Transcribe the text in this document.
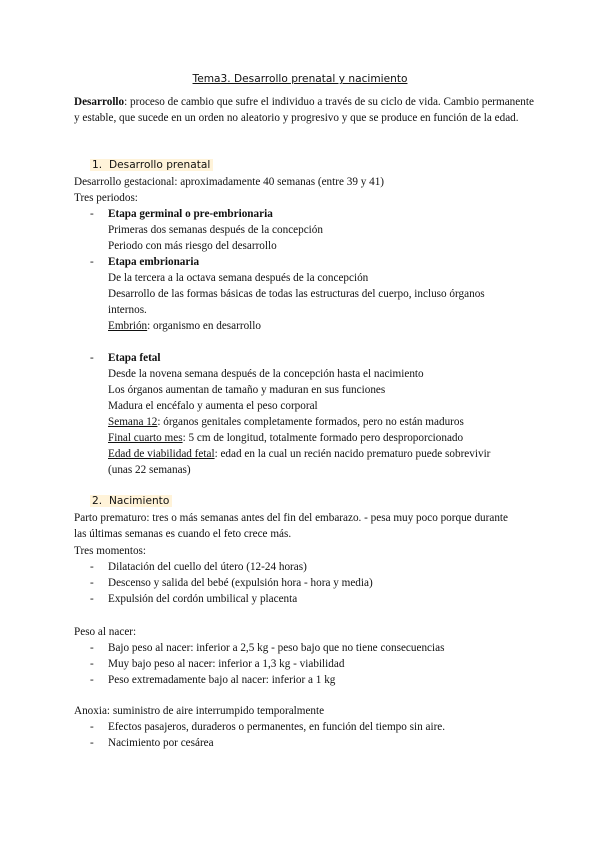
Tema3. Desarrollo prenatal y nacimiento
Desarrollo: proceso de cambio que sufre el individuo a través de su ciclo de vida. Cambio permanente y estable, que sucede en un orden no aleatorio y progresivo y que se produce en función de la edad.
1. Desarrollo prenatal
Desarrollo gestacional: aproximadamente 40 semanas (entre 39 y 41)
Tres periodos:
- Etapa germinal o pre-embrionaria
Primeras dos semanas después de la concepción
Periodo con más riesgo del desarrollo
- Etapa embrionaria
De la tercera a la octava semana después de la concepción
Desarrollo de las formas básicas de todas las estructuras del cuerpo, incluso órganos
internos.
Embrión: organismo en desarrollo
- Etapa fetal
Desde la novena semana después de la concepción hasta el nacimiento
Los órganos aumentan de tamaño y maduran en sus funciones
Madura el encéfalo y aumenta el peso corporal
Semana 12: órganos genitales completamente formados, pero no están maduros
Final cuarto mes: 5 cm de longitud, totalmente formado pero desproporcionado
Edad de viabilidad fetal: edad en la cual un recién nacido prematuro puede sobrevivir
(unas 22 semanas)
2. Nacimiento
Parto prematuro: tres o más semanas antes del fin del embarazo. - pesa muy poco porque durante las últimas semanas es cuando el feto crece más.
Tres momentos:
- Dilatación del cuello del útero (12-24 horas)
- Descenso y salida del bebé (expulsión hora - hora y media)
- Expulsión del cordón umbilical y placenta
Peso al nacer:
- Bajo peso al nacer: inferior a 2,5 kg - peso bajo que no tiene consecuencias
- Muy bajo peso al nacer: inferior a 1,3 kg - viabilidad
- Peso extremadamente bajo al nacer: inferior a 1 kg
Anoxia: suministro de aire interrumpido temporalmente
- Efectos pasajeros, duraderos o permanentes, en función del tiempo sin aire.
- Nacimiento por cesárea
